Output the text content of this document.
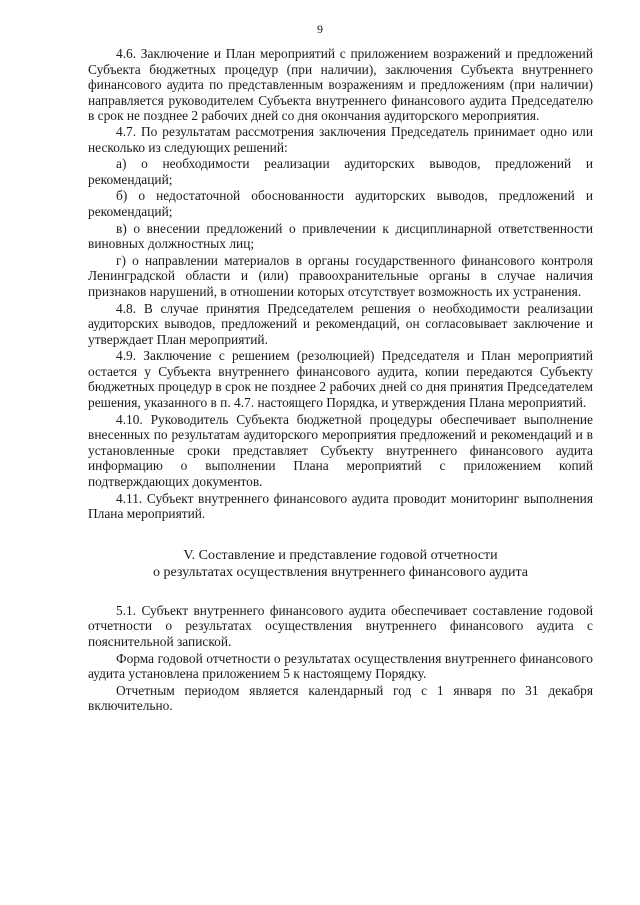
9

4.6. Заключение и План мероприятий с приложением возражений и предложений Субъекта бюджетных процедур (при наличии), заключения Субъекта внутреннего финансового аудита по представленным возражениям и предложениям (при наличии) направляется руководителем Субъекта внутреннего финансового аудита Председателю в срок не позднее 2 рабочих дней со дня окончания аудиторского мероприятия.

4.7. По результатам рассмотрения заключения Председатель принимает одно или несколько из следующих решений:

а) о необходимости реализации аудиторских выводов, предложений и рекомендаций;

б) о недостаточной обоснованности аудиторских выводов, предложений и рекомендаций;

в) о внесении предложений о привлечении к дисциплинарной ответственности виновных должностных лиц;

г) о направлении материалов в органы государственного финансового контроля Ленинградской области и (или) правоохранительные органы в случае наличия признаков нарушений, в отношении которых отсутствует возможность их устранения.

4.8. В случае принятия Председателем решения о необходимости реализации аудиторских выводов, предложений и рекомендаций, он согласовывает заключение и утверждает План мероприятий.

4.9. Заключение с решением (резолюцией) Председателя и План мероприятий остается у Субъекта внутреннего финансового аудита, копии передаются Субъекту бюджетных процедур в срок не позднее 2 рабочих дней со дня принятия Председателем решения, указанного в п. 4.7. настоящего Порядка, и утверждения Плана мероприятий.

4.10. Руководитель Субъекта бюджетной процедуры обеспечивает выполнение внесенных по результатам аудиторского мероприятия предложений и рекомендаций и в установленные сроки представляет Субъекту внутреннего финансового аудита информацию о выполнении Плана мероприятий с приложением копий подтверждающих документов.

4.11. Субъект внутреннего финансового аудита проводит мониторинг выполнения Плана мероприятий.

V. Составление и представление годовой отчетности

о результатах осуществления внутреннего финансового аудита

5.1. Субъект внутреннего финансового аудита обеспечивает составление годовой отчетности о результатах осуществления внутреннего финансового аудита с пояснительной запиской.

Форма годовой отчетности о результатах осуществления внутреннего финансового аудита установлена приложением 5 к настоящему Порядку.

Отчетным периодом является календарный год с 1 января по 31 декабря включительно.
